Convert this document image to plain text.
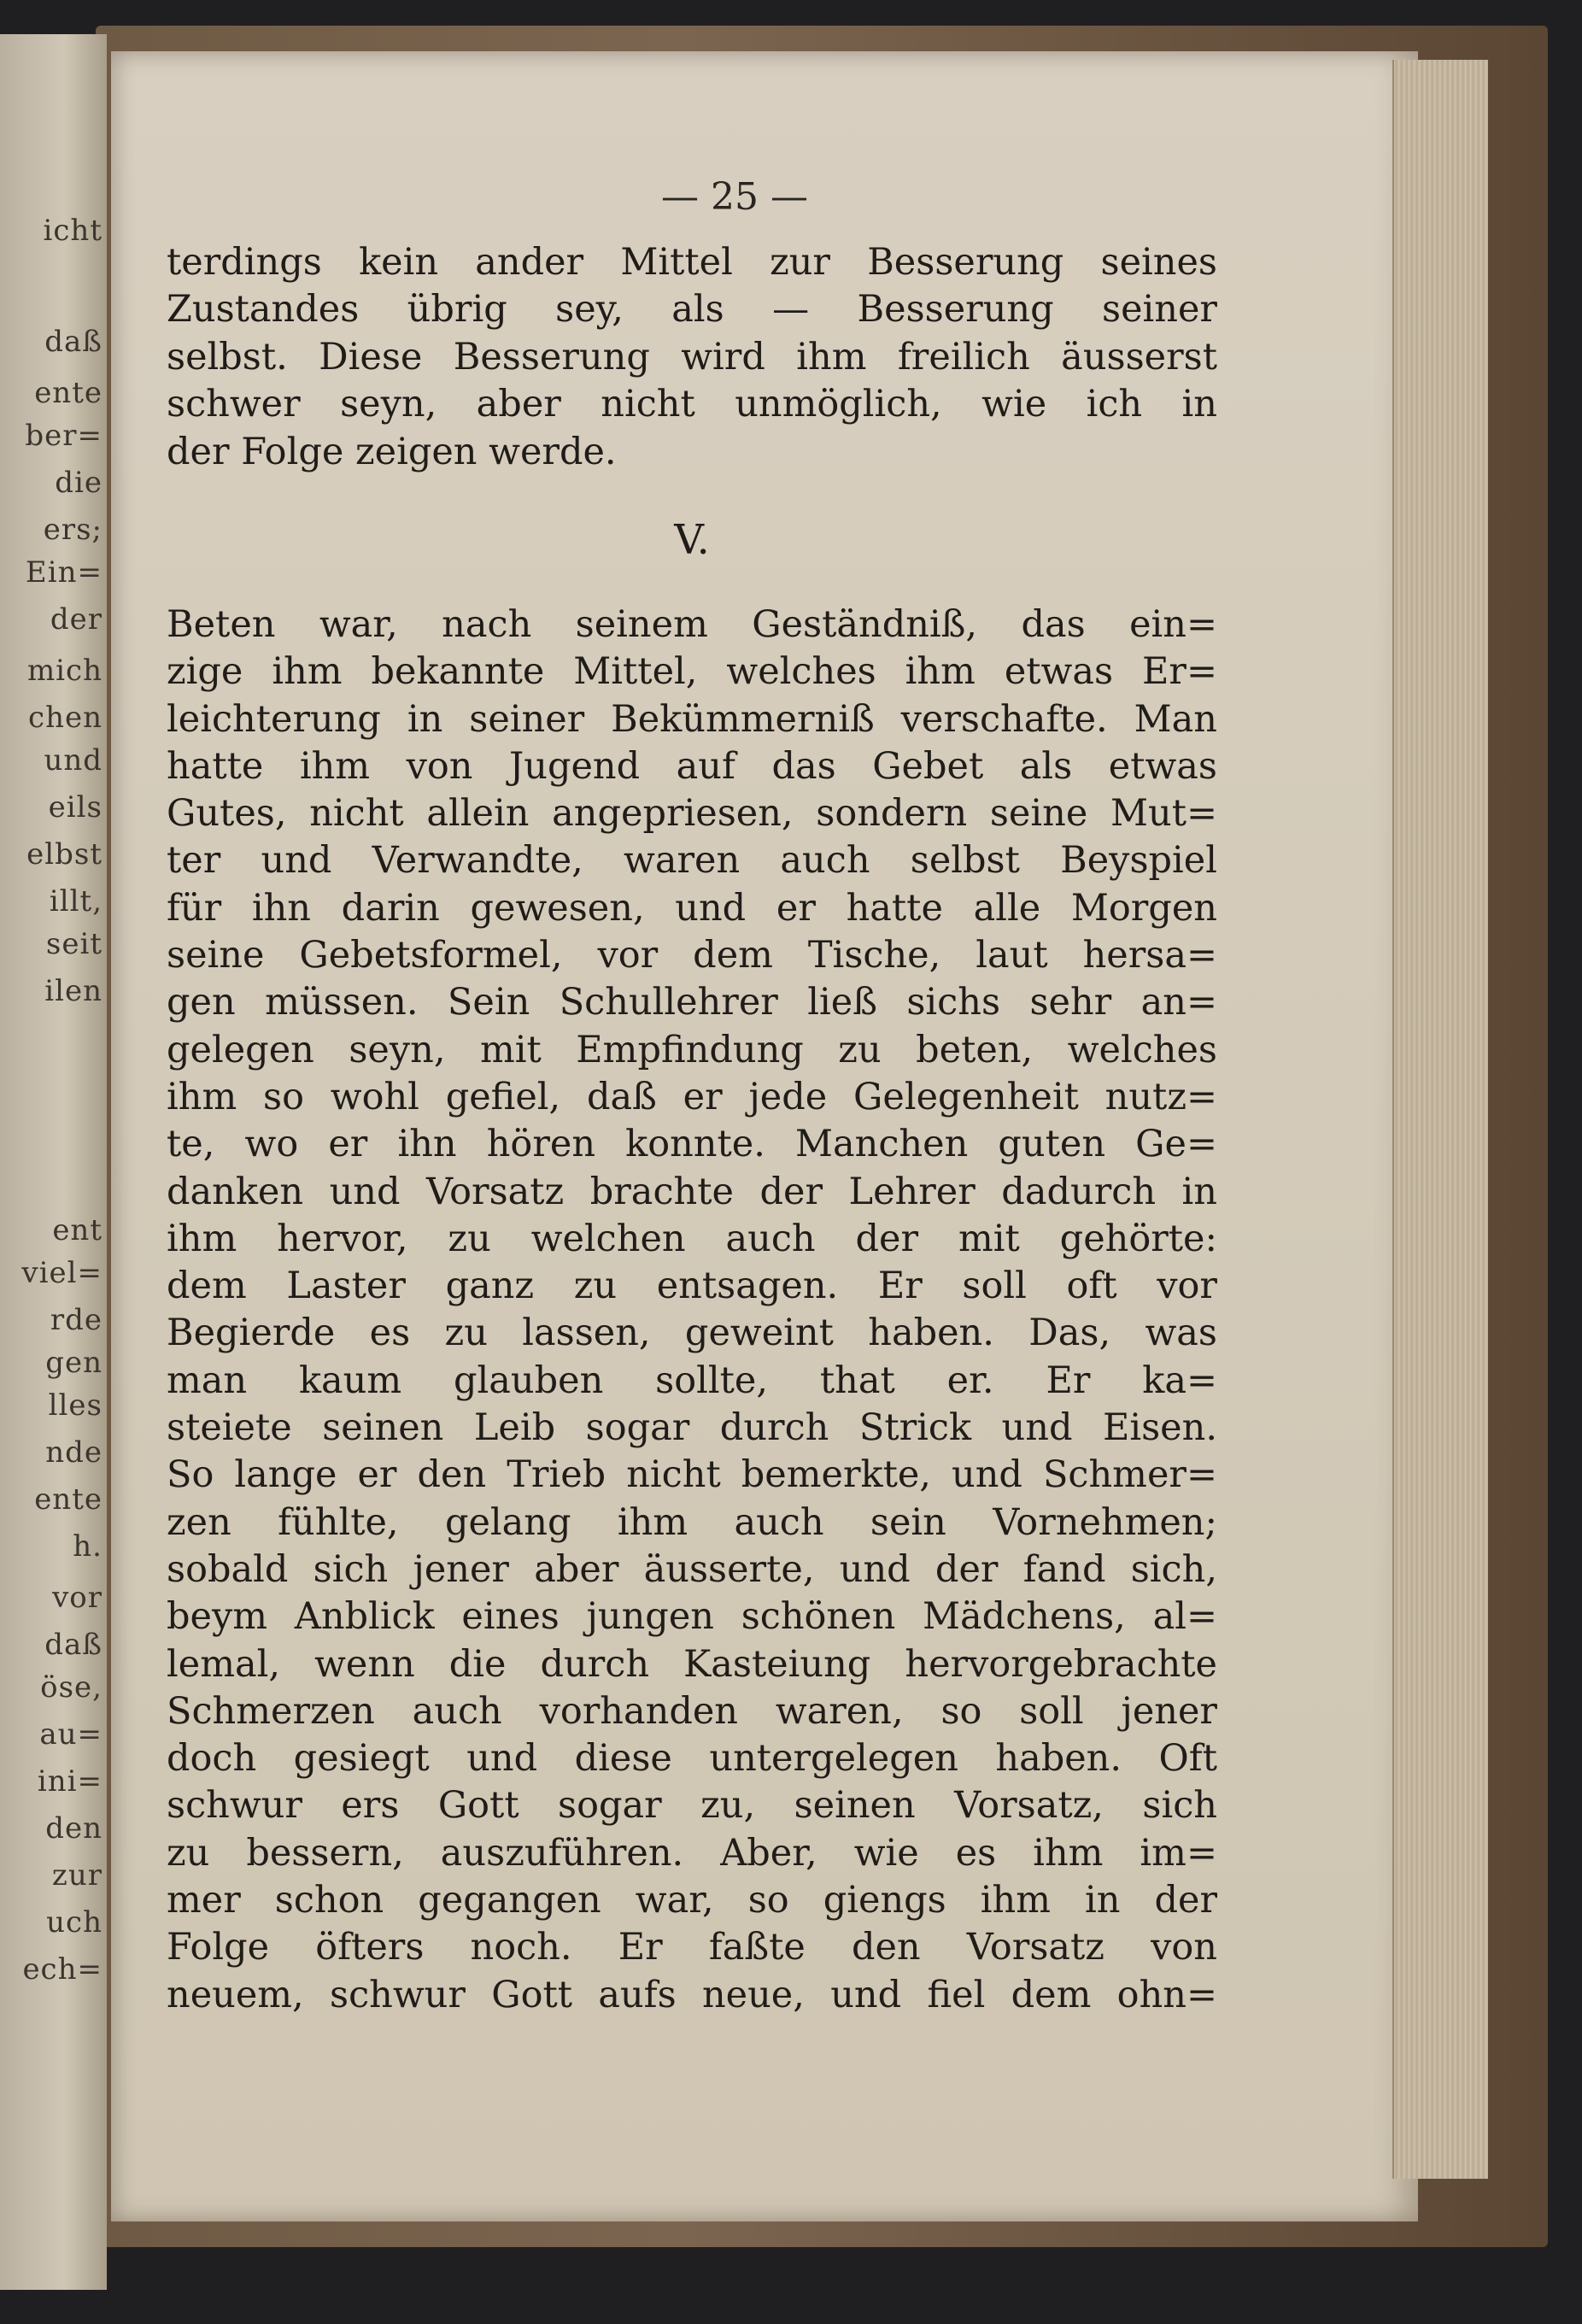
icht
daß
ente
ber=
die
ers;
Ein=
der
mich
chen
und
eils
elbst
illt,
seit
ilen
ent
viel=
rde
gen
lles
nde
ente
h.
vor
daß
öse,
au=
ini=
den
zur
uch
ech=
— 25 —
terdings kein ander Mittel zur Besserung seines
Zustandes übrig sey, als — Besserung seiner
selbst. Diese Besserung wird ihm freilich äusserst
schwer seyn, aber nicht unmöglich, wie ich in
der Folge zeigen werde.
V.
Beten war, nach seinem Geständniß, das ein=
zige ihm bekannte Mittel, welches ihm etwas Er=
leichterung in seiner Bekümmerniß verschafte. Man
hatte ihm von Jugend auf das Gebet als etwas
Gutes, nicht allein angepriesen, sondern seine Mut=
ter und Verwandte, waren auch selbst Beyspiel
für ihn darin gewesen, und er hatte alle Morgen
seine Gebetsformel, vor dem Tische, laut hersa=
gen müssen. Sein Schullehrer ließ sichs sehr an=
gelegen seyn, mit Empfindung zu beten, welches
ihm so wohl gefiel, daß er jede Gelegenheit nutz=
te, wo er ihn hören konnte. Manchen guten Ge=
danken und Vorsatz brachte der Lehrer dadurch in
ihm hervor, zu welchen auch der mit gehörte:
dem Laster ganz zu entsagen. Er soll oft vor
Begierde es zu lassen, geweint haben. Das, was
man kaum glauben sollte, that er. Er ka=
steiete seinen Leib sogar durch Strick und Eisen.
So lange er den Trieb nicht bemerkte, und Schmer=
zen fühlte, gelang ihm auch sein Vornehmen;
sobald sich jener aber äusserte, und der fand sich,
beym Anblick eines jungen schönen Mädchens, al=
lemal, wenn die durch Kasteiung hervorgebrachte
Schmerzen auch vorhanden waren, so soll jener
doch gesiegt und diese untergelegen haben. Oft
schwur ers Gott sogar zu, seinen Vorsatz, sich
zu bessern, auszuführen. Aber, wie es ihm im=
mer schon gegangen war, so giengs ihm in der
Folge öfters noch. Er faßte den Vorsatz von
neuem, schwur Gott aufs neue, und fiel dem ohn=
